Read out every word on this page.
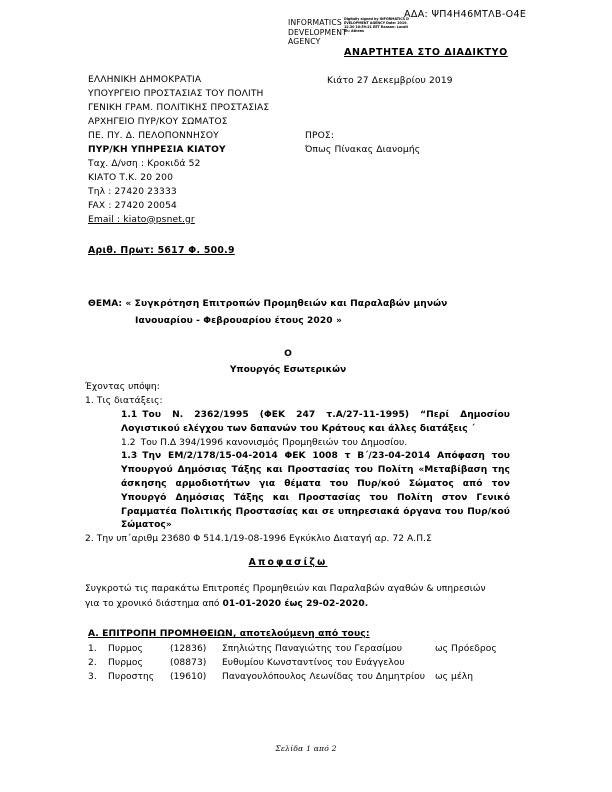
ΑΔΑ: ΨΠ4Η46ΜΤΛΒ-Ο4Ε
INFORMATICS DEVELOPMENT AGENCY
Digitally signed by INFORMATICS DEVELOPMENT AGENCY Date: 2019.12.30 10:59:21 EET Reason: Location: Athens
ΑΝΑΡΤΗΤΕΑ ΣΤΟ ΔΙΑΔΙΚΤΥΟ
ΕΛΛΗΝΙΚΗ ΔΗΜΟΚΡΑΤΙΑ
ΥΠΟΥΡΓΕΙΟ ΠΡΟΣΤΑΣΙΑΣ ΤΟΥ ΠΟΛΙΤΗ
ΓΕΝΙΚΗ ΓΡΑΜ. ΠΟΛΙΤΙΚΗΣ ΠΡΟΣΤΑΣΙΑΣ
ΑΡΧΗΓΕΙΟ ΠΥΡ/ΚΟΥ ΣΩΜΑΤΟΣ
ΠΕ. ΠΥ. Δ. ΠΕΛΟΠΟΝΝΗΣΟΥ
ΠΥΡ/ΚΗ ΥΠΗΡΕΣΙΑ ΚΙΑΤΟΥ
Ταχ. Δ/νση : Κροκιδά 52
ΚΙΑΤΟ Τ.Κ. 20 200
Τηλ : 27420 23333
FAX : 27420 20054
Email : kiato@psnet.gr
Κιάτο 27 Δεκεμβρίου 2019
ΠΡΟΣ:
Όπως Πίνακας Διανομής
Αριθ. Πρωτ: 5617 Φ. 500.9
ΘΕΜΑ: « Συγκρότηση Επιτροπών Προμηθειών και Παραλαβών μηνών
Ιανουαρίου - Φεβρουαρίου έτους 2020 »
Ο
Υπουργός Εσωτερικών
Έχοντας υπόψη:
1. Τις διατάξεις:
1.1 Του Ν. 2362/1995 (ΦΕΚ 247 τ.Α/27-11-1995) “Περί Δημοσίου Λογιστικού ελέγχου των δαπανών του Κράτους και άλλες διατάξεις ΄
1.2 Του Π.Δ 394/1996 κανονισμός Προμηθειών του Δημοσίου.
1.3 Την ΕΜ/2/178/15-04-2014 ΦΕΚ 1008 τ Β΄/23-04-2014 Απόφαση του Υπουργού Δημόσιας Τάξης και Προστασίας του Πολίτη «Μεταβίβαση της άσκησης αρμοδιοτήτων για θέματα του Πυρ/κού Σώματος από τον Υπουργό Δημόσιας Τάξης και Προστασίας του Πολίτη στον Γενικό Γραμματέα Πολιτικής Προστασίας και σε υπηρεσιακά όργανα του Πυρ/κού Σώματος»
2. Την υπ΄αριθμ 23680 Φ 514.1/19-08-1996 Εγκύκλιο Διαταγή αρ. 72 Α.Π.Σ
Αποφασίζω
Συγκροτώ τις παρακάτω Επιτροπές Προμηθειών και Παραλαβών αγαθών & υπηρεσιών
για το χρονικό διάστημα από 01-01-2020 έως 29-02-2020.
Α. ΕΠΙΤΡΟΠΗ ΠΡΟΜΗΘΕΙΩΝ, αποτελούμενη από τους:
1.	Πυρμος	(12836)	Σπηλιώτης Παναγιώτης του Γερασίμου	ως Πρόεδρος
2.	Πυρμος	(08873)	Ευθυμίου Κωνσταντίνος του Ευάγγελου	
3.	Πυροστης	(19610)	Παναγουλόπουλος Λεωνίδας του Δημητρίου	ως μέλη
Σελίδα 1 από 2
